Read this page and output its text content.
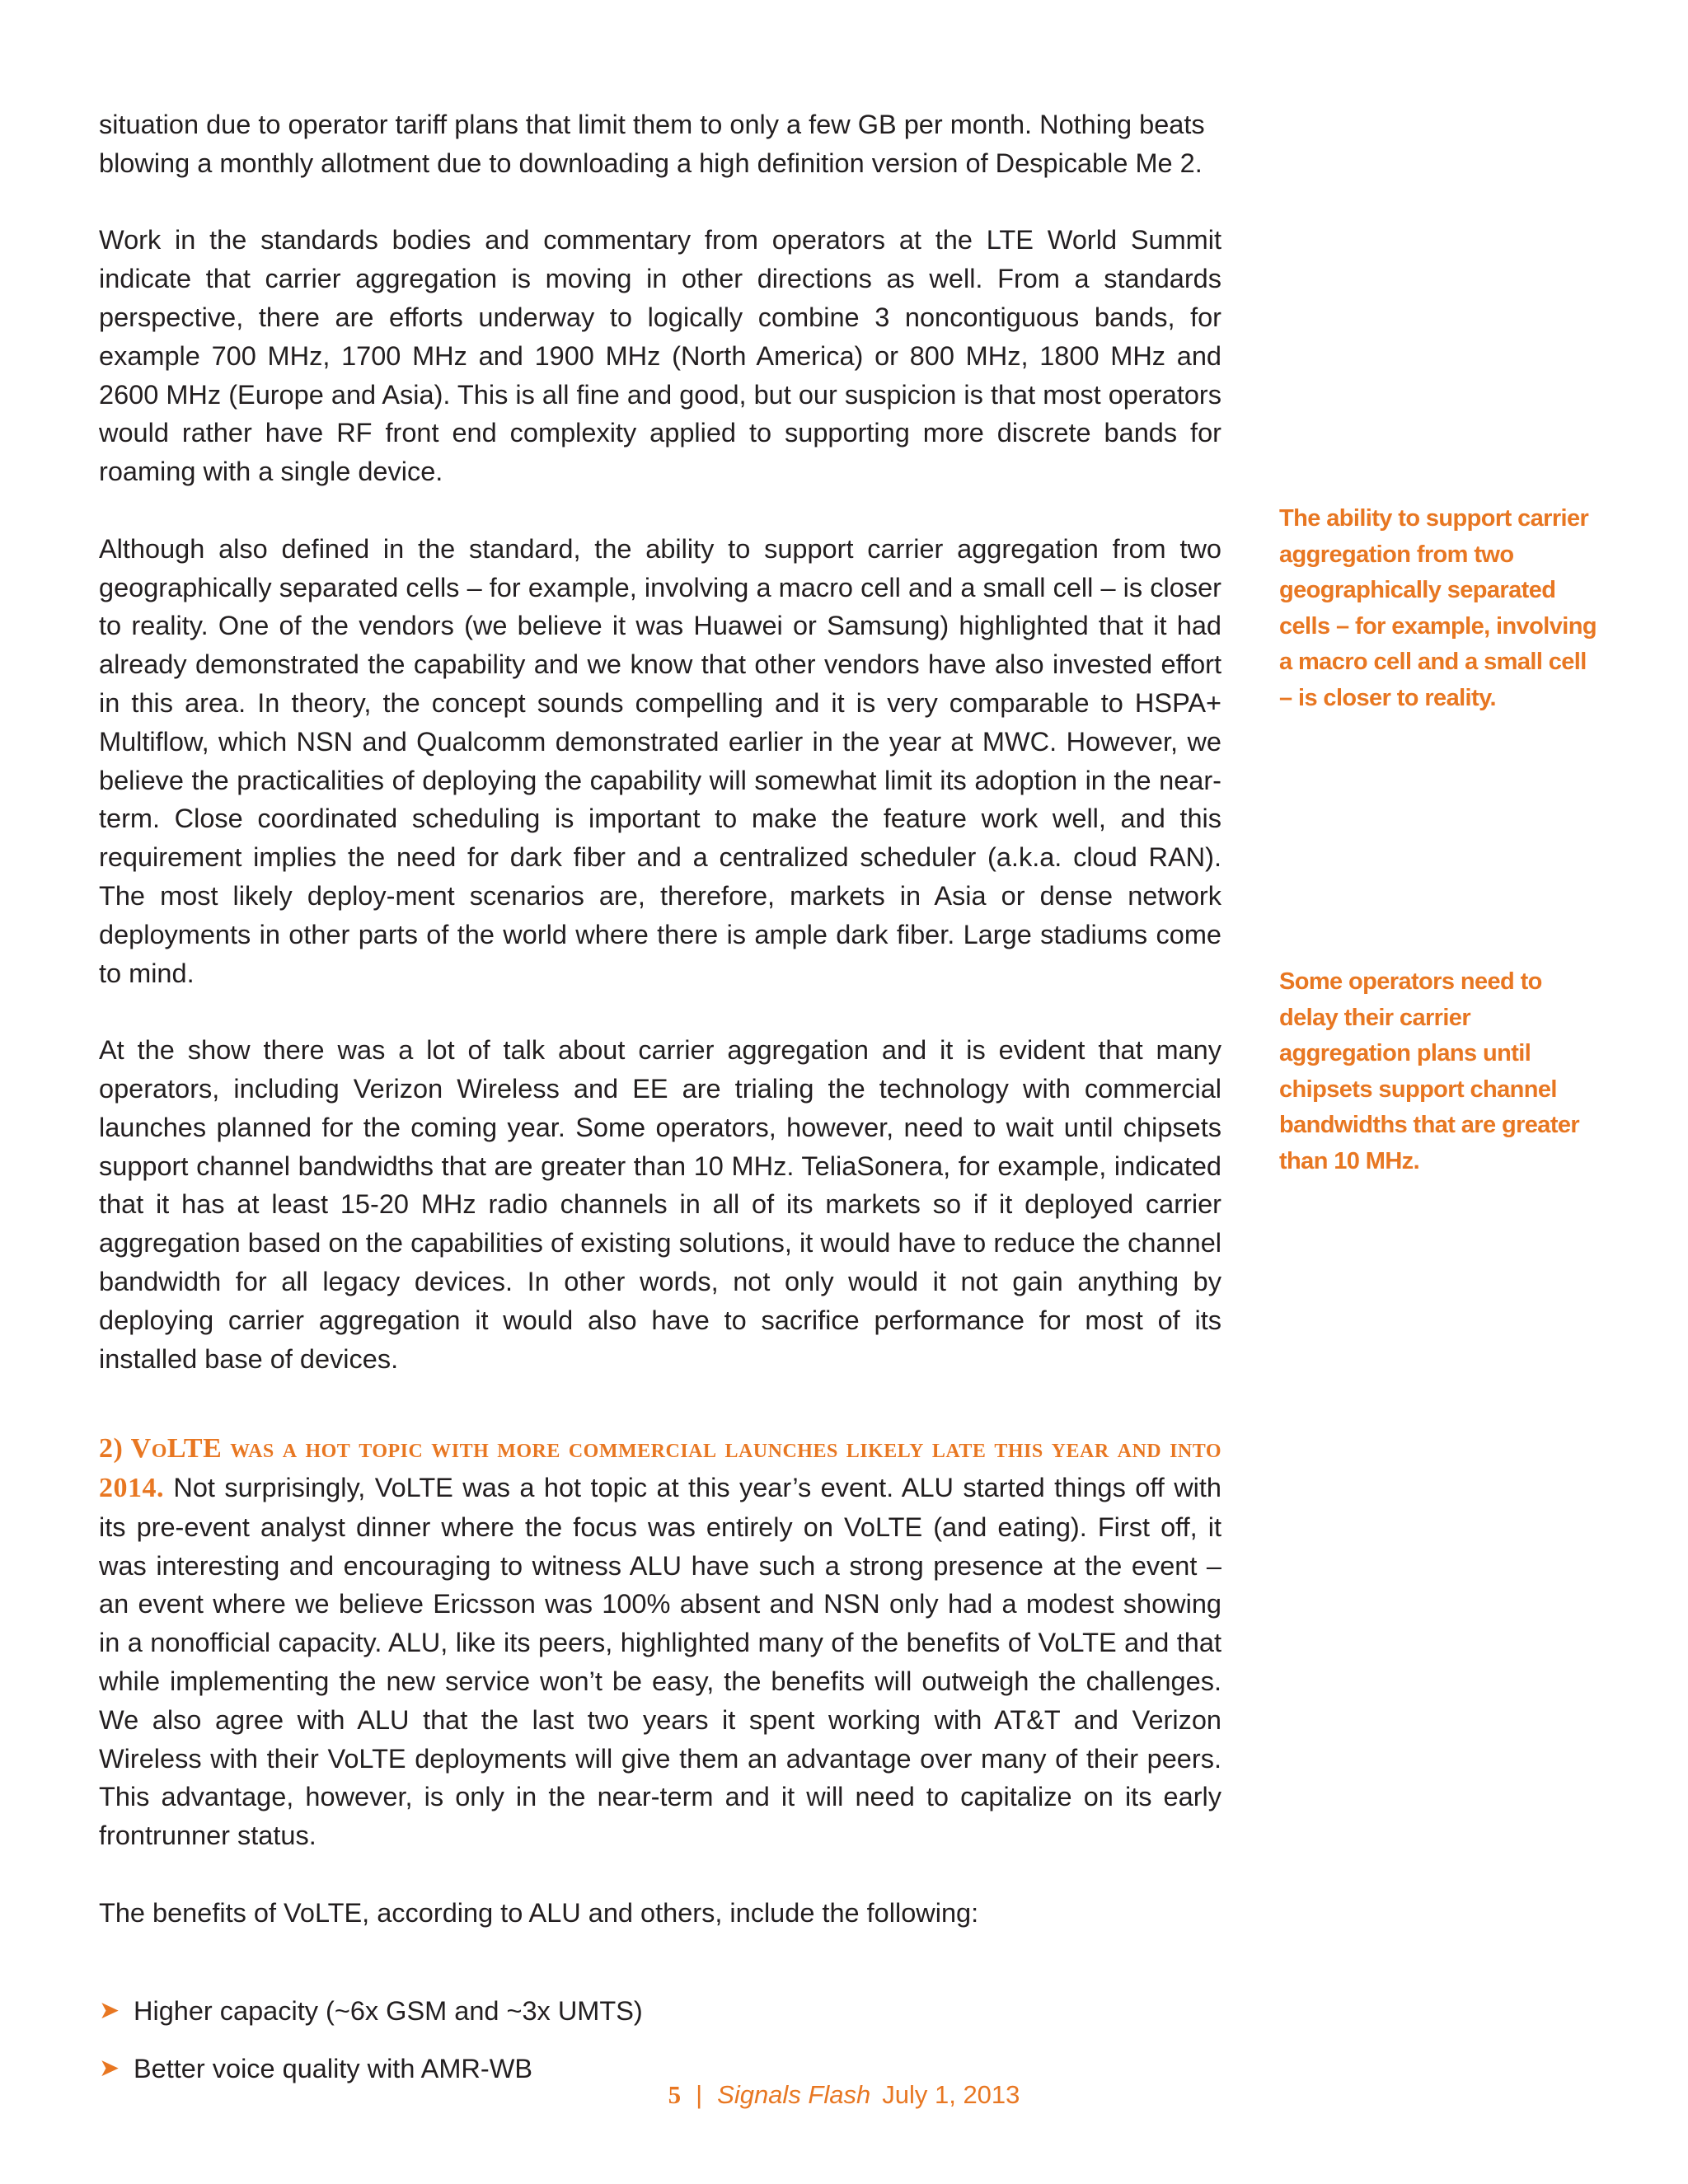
situation due to operator tariff plans that limit them to only a few GB per month. Nothing beats blowing a monthly allotment due to downloading a high definition version of Despicable Me 2.

Work in the standards bodies and commentary from operators at the LTE World Summit indicate that carrier aggregation is moving in other directions as well. From a standards perspective, there are efforts underway to logically combine 3 noncontiguous bands, for example 700 MHz, 1700 MHz and 1900 MHz (North America) or 800 MHz, 1800 MHz and 2600 MHz (Europe and Asia). This is all fine and good, but our suspicion is that most operators would rather have RF front end complexity applied to supporting more discrete bands for roaming with a single device.

Although also defined in the standard, the ability to support carrier aggregation from two geographically separated cells – for example, involving a macro cell and a small cell – is closer to reality. One of the vendors (we believe it was Huawei or Samsung) highlighted that it had already demonstrated the capability and we know that other vendors have also invested effort in this area. In theory, the concept sounds compelling and it is very comparable to HSPA+ Multiflow, which NSN and Qualcomm demonstrated earlier in the year at MWC. However, we believe the practicalities of deploying the capability will somewhat limit its adoption in the near-term. Close coordinated scheduling is important to make the feature work well, and this requirement implies the need for dark fiber and a centralized scheduler (a.k.a. cloud RAN). The most likely deploy-ment scenarios are, therefore, markets in Asia or dense network deployments in other parts of the world where there is ample dark fiber. Large stadiums come to mind.

At the show there was a lot of talk about carrier aggregation and it is evident that many operators, including Verizon Wireless and EE are trialing the technology with commercial launches planned for the coming year. Some operators, however, need to wait until chipsets support channel bandwidths that are greater than 10 MHz. TeliaSonera, for example, indicated that it has at least 15-20 MHz radio channels in all of its markets so if it deployed carrier aggregation based on the capabilities of existing solutions, it would have to reduce the channel bandwidth for all legacy devices. In other words, not only would it not gain anything by deploying carrier aggregation it would also have to sacrifice performance for most of its installed base of devices.

2) VoLTE was a hot topic with more commercial launches likely late this year and into 2014. Not surprisingly, VoLTE was a hot topic at this year’s event. ALU started things off with its pre-event analyst dinner where the focus was entirely on VoLTE (and eating). First off, it was interesting and encouraging to witness ALU have such a strong presence at the event – an event where we believe Ericsson was 100% absent and NSN only had a modest showing in a nonofficial capacity. ALU, like its peers, highlighted many of the benefits of VoLTE and that while implementing the new service won’t be easy, the benefits will outweigh the challenges. We also agree with ALU that the last two years it spent working with AT&T and Verizon Wireless with their VoLTE deployments will give them an advantage over many of their peers. This advantage, however, is only in the near-term and it will need to capitalize on its early frontrunner status.

The benefits of VoLTE, according to ALU and others, include the following:

➤ Higher capacity (~6x GSM and ~3x UMTS)
➤ Better voice quality with AMR-WB
The ability to support carrier aggregation from two geographically separated cells – for example, involving a macro cell and a small cell – is closer to reality.
Some operators need to delay their carrier aggregation plans until chipsets support channel bandwidths that are greater than 10 MHz.
5 | Signals Flash July 1, 2013
